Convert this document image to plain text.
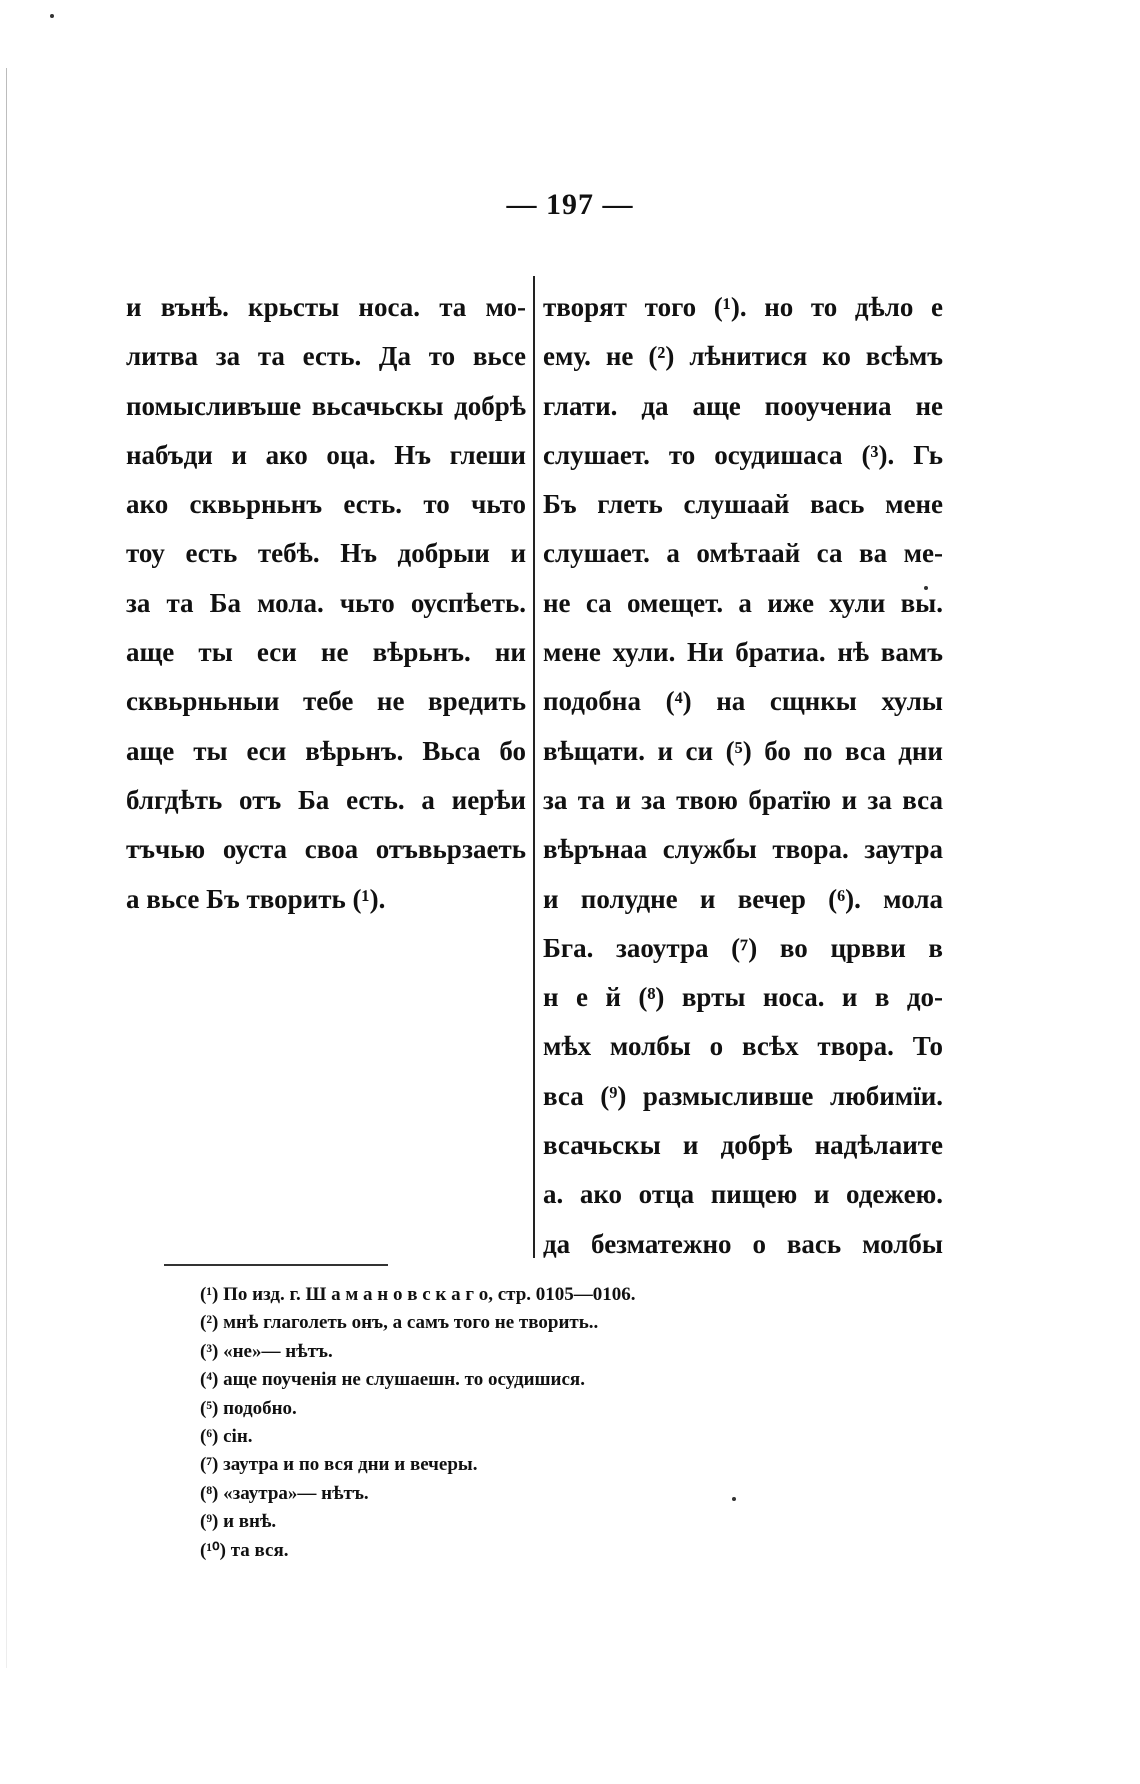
— 197 —
и вънѣ. крьсты носа. та мо-
литва за та есть. Да то вьсе
помысливъше вьсачьскы добрѣ
набъди и ако оца. Нъ глеши
ако сквьрньнъ есть. то чьто
тоу есть тебѣ. Нъ добрыи и
за та Ба мола. чьто оуспѣеть.
аще ты еси не вѣрьнъ. ни
сквьрньныи тебе не вредить
аще ты еси вѣрьнъ. Вьса бо
блгдѣть отъ Ба есть. а иерѣи
тъчью оуста своа отъвьрзаеть
а вьсе Бъ творить (¹).
творят того (¹). но то дѣло е
ему. не (²) лѣнитися ко всѣмъ
глати. да аще пооучениа не
слушает. то осудишаса (³). Гь
Бъ глеть слушаай вась мене
слушает. а омѣтаай са ва ме-
не са омещет. а иже хули вы.
мене хули. Ни братиа. нѣ вамъ
подобна (⁴) на сщнкы хулы
вѣщати. и си (⁵) бо по вса дни
за та и за твою братїю и за вса
вѣрънаа службы твора. заутра
и полудне и вечер (⁶). мола
Бга. заоутра (⁷) во црвви в
н е й (⁸) врты носа. и в до-
мѣх молбы о всѣх твора. То
вса (⁹) размысливше любимїи.
всачьскы и добрѣ надѣлаите
а. ако отца пищею и одежею.
да безматежно о вась молбы
(¹) По изд. г. Ш а м а н о в с к а г о, стр. 0105—0106.
(²) мнѣ глаголеть онъ, а самъ того не творить..
(³) «не»— нѣтъ.
(⁴) аще поученія не слушаешн. то осудишися.
(⁵) подобно.
(⁶) сін.
(⁷) заутра и по вся дни и вечеры.
(⁸) «заутра»— нѣтъ.
(⁹) и внѣ.
(¹⁰) та вся.
